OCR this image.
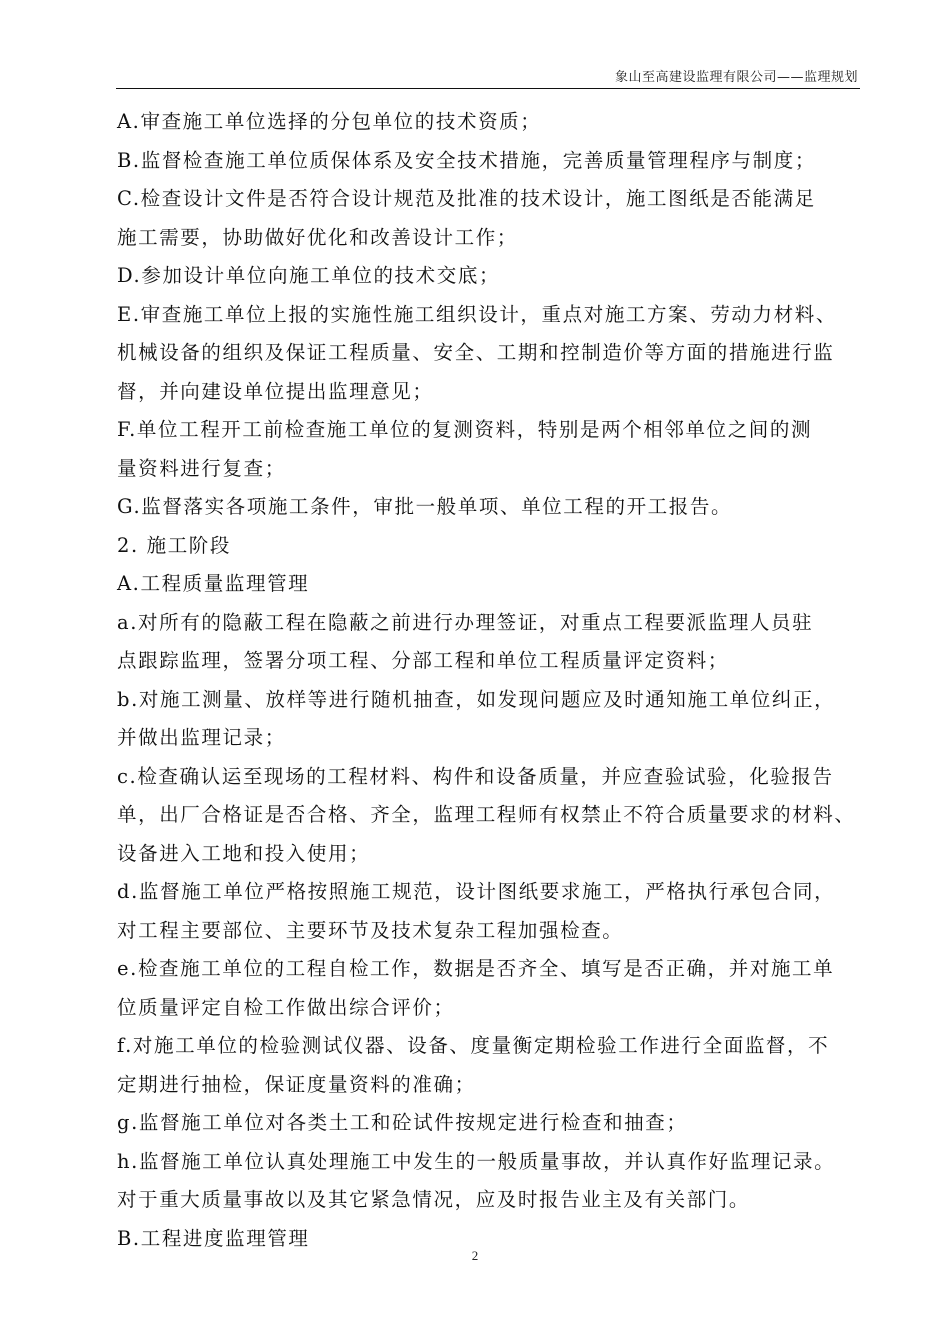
象山至高建设监理有限公司——监理规划
A.审查施工单位选择的分包单位的技术资质；
B.监督检查施工单位质保体系及安全技术措施，完善质量管理程序与制度；
C.检查设计文件是否符合设计规范及批准的技术设计，施工图纸是否能满足
施工需要，协助做好优化和改善设计工作；
D.参加设计单位向施工单位的技术交底；
E.审查施工单位上报的实施性施工组织设计，重点对施工方案、劳动力材料、
机械设备的组织及保证工程质量、安全、工期和控制造价等方面的措施进行监
督，并向建设单位提出监理意见；
F.单位工程开工前检查施工单位的复测资料，特别是两个相邻单位之间的测
量资料进行复查；
G.监督落实各项施工条件，审批一般单项、单位工程的开工报告。
2. 施工阶段
A.工程质量监理管理
a.对所有的隐蔽工程在隐蔽之前进行办理签证，对重点工程要派监理人员驻
点跟踪监理，签署分项工程、分部工程和单位工程质量评定资料；
b.对施工测量、放样等进行随机抽查，如发现问题应及时通知施工单位纠正，
并做出监理记录；
c.检查确认运至现场的工程材料、构件和设备质量，并应查验试验，化验报告
单，出厂合格证是否合格、齐全，监理工程师有权禁止不符合质量要求的材料、
设备进入工地和投入使用；
d.监督施工单位严格按照施工规范，设计图纸要求施工，严格执行承包合同，
对工程主要部位、主要环节及技术复杂工程加强检查。
e.检查施工单位的工程自检工作，数据是否齐全、填写是否正确，并对施工单
位质量评定自检工作做出综合评价；
f.对施工单位的检验测试仪器、设备、度量衡定期检验工作进行全面监督，不
定期进行抽检，保证度量资料的准确；
g.监督施工单位对各类土工和砼试件按规定进行检查和抽查；
h.监督施工单位认真处理施工中发生的一般质量事故，并认真作好监理记录。
对于重大质量事故以及其它紧急情况，应及时报告业主及有关部门。
B.工程进度监理管理
2
